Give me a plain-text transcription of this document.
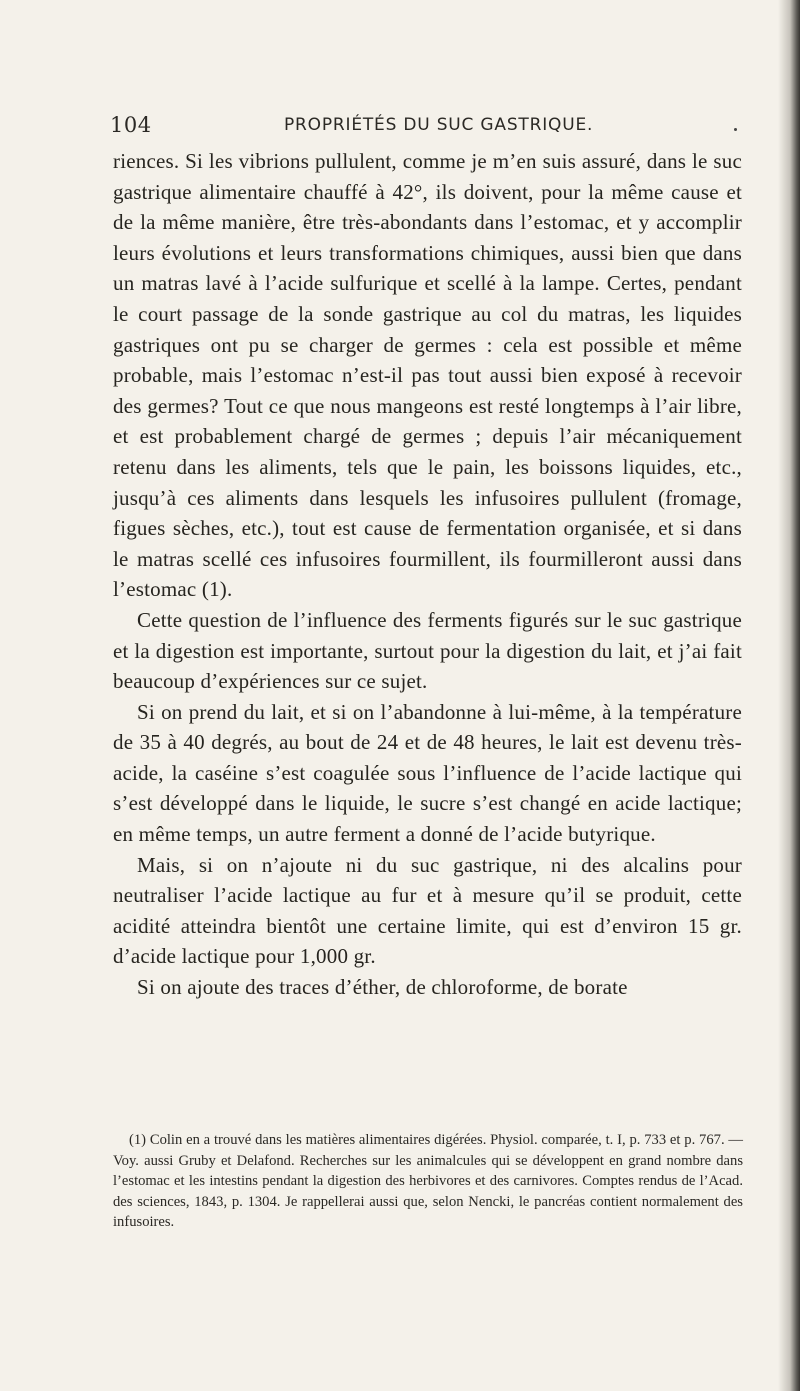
104	PROPRIÉTÉS DU SUC GASTRIQUE.

riences. Si les vibrions pullulent, comme je m’en suis assuré, dans le suc gastrique alimentaire chauffé à 42°, ils doivent, pour la même cause et de la même manière, être très-abondants dans l’estomac, et y accomplir leurs évolutions et leurs transformations chimiques, aussi bien que dans un matras lavé à l’acide sulfurique et scellé à la lampe. Certes, pendant le court passage de la sonde gastrique au col du matras, les liquides gastriques ont pu se charger de germes : cela est possible et même probable, mais l’estomac n’est-il pas tout aussi bien exposé à recevoir des germes? Tout ce que nous mangeons est resté longtemps à l’air libre, et est probablement chargé de germes ; depuis l’air mécaniquement retenu dans les aliments, tels que le pain, les boissons liquides, etc., jusqu’à ces aliments dans lesquels les infusoires pullulent (fromage, figues sèches, etc.), tout est cause de fermentation organisée, et si dans le matras scellé ces infusoires fourmillent, ils fourmilleront aussi dans l’estomac (1).

Cette question de l’influence des ferments figurés sur le suc gastrique et la digestion est importante, surtout pour la digestion du lait, et j’ai fait beaucoup d’expériences sur ce sujet.

Si on prend du lait, et si on l’abandonne à lui-même, à la température de 35 à 40 degrés, au bout de 24 et de 48 heures, le lait est devenu très-acide, la caséine s’est coagulée sous l’influence de l’acide lactique qui s’est développé dans le liquide, le sucre s’est changé en acide lactique; en même temps, un autre ferment a donné de l’acide butyrique.

Mais, si on n’ajoute ni du suc gastrique, ni des alcalins pour neutraliser l’acide lactique au fur et à mesure qu’il se produit, cette acidité atteindra bientôt une certaine limite, qui est d’environ 15 gr. d’acide lactique pour 1,000 gr.

Si on ajoute des traces d’éther, de chloroforme, de borate

(1) Colin en a trouvé dans les matières alimentaires digérées. Physiol. comparée, t. I, p. 733 et p. 767. — Voy. aussi Gruby et Delafond. Recherches sur les animalcules qui se développent en grand nombre dans l’estomac et les intestins pendant la digestion des herbivores et des carnivores. Comptes rendus de l’Acad. des sciences, 1843, p. 1304. Je rappellerai aussi que, selon Nencki, le pancréas contient normalement des infusoires.
